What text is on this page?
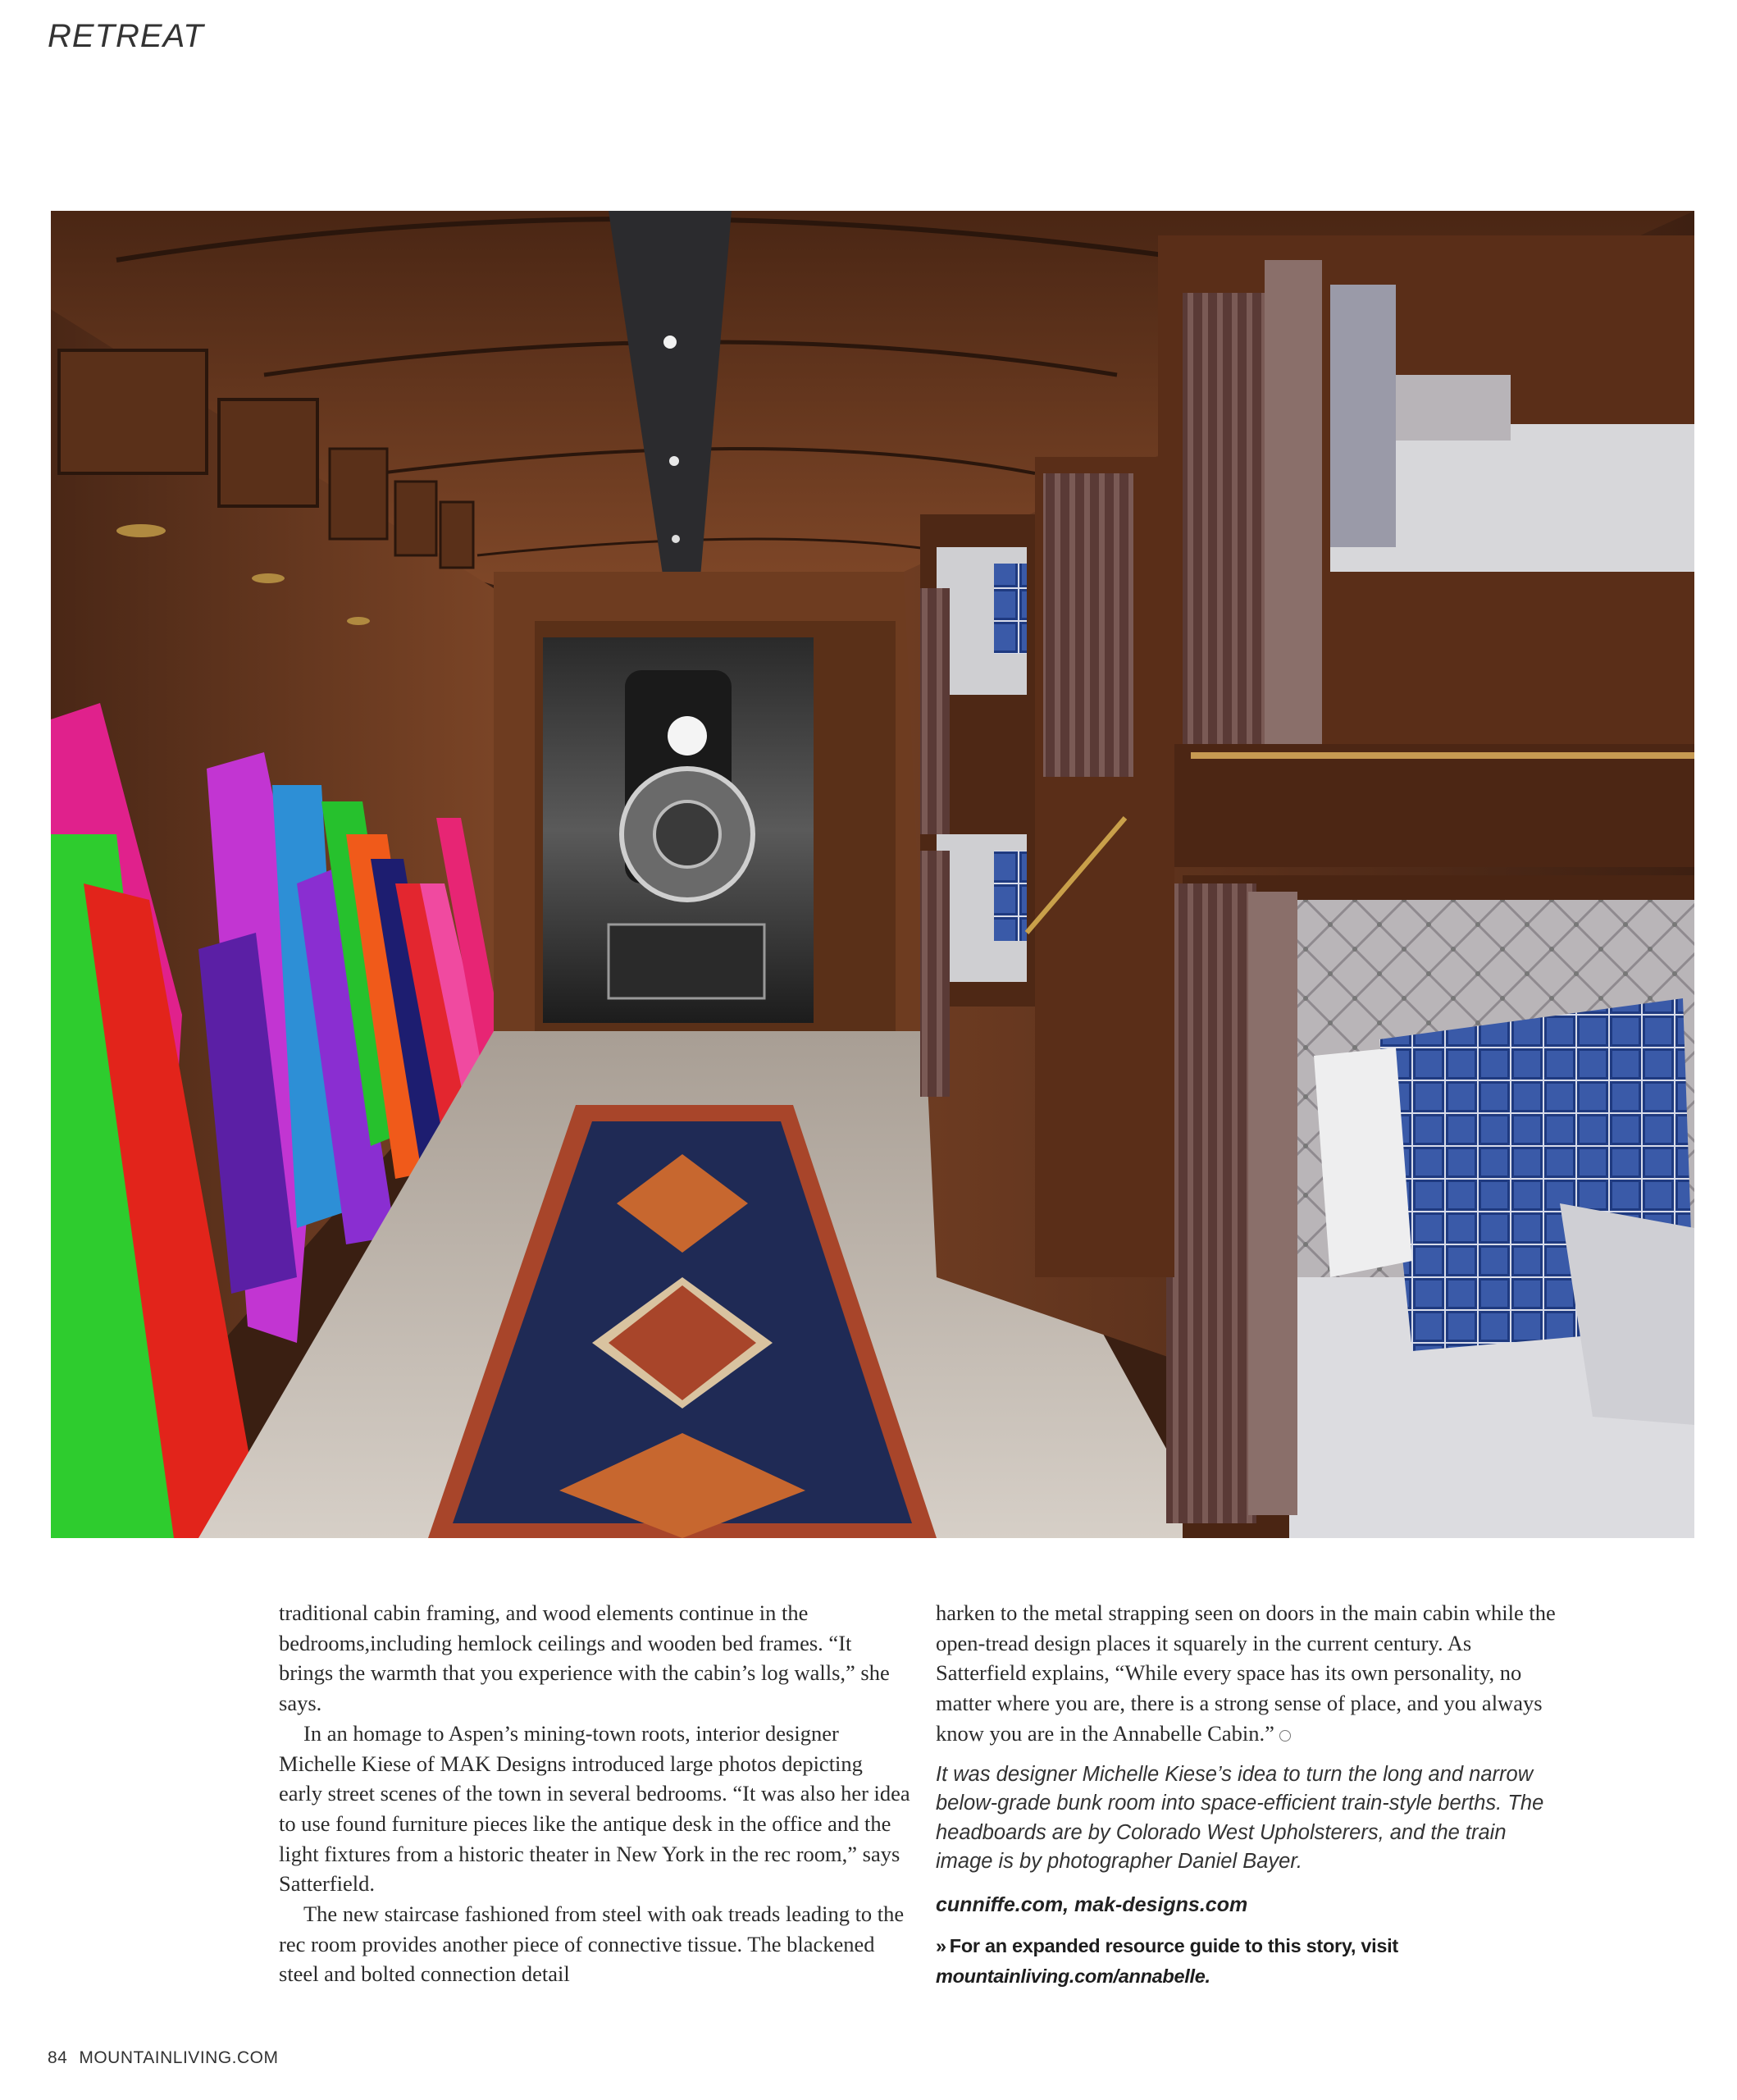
RETREAT

traditional cabin framing, and wood elements continue in the bedrooms,including hemlock ceilings and wooden bed frames. “It brings the warmth that you experience with the cabin’s log walls,” she says.

In an homage to Aspen’s mining-town roots, interior designer Michelle Kiese of MAK Designs introduced large photos depicting early street scenes of the town in several bedrooms. “It was also her idea to use found furniture pieces like the antique desk in the office and the light fixtures from a historic theater in New York in the rec room,” says Satterfield.

The new staircase fashioned from steel with oak treads leading to the rec room provides another piece of connective tissue. The blackened steel and bolted connection detail

harken to the metal strapping seen on doors in the main cabin while the open-tread design places it squarely in the current century. As Satterfield explains, “While every space has its own personality, no matter where you are, there is a strong sense of place, and you always know you are in the Annabelle Cabin.”

It was designer Michelle Kiese’s idea to turn the long and narrow below-grade bunk room into space-efficient train-style berths. The headboards are by Colorado West Upholsterers, and the train image is by photographer Daniel Bayer.

cunniffe.com, mak-designs.com

» For an expanded resource guide to this story, visit mountainliving.com/annabelle.

84 MOUNTAINLIVING.COM
